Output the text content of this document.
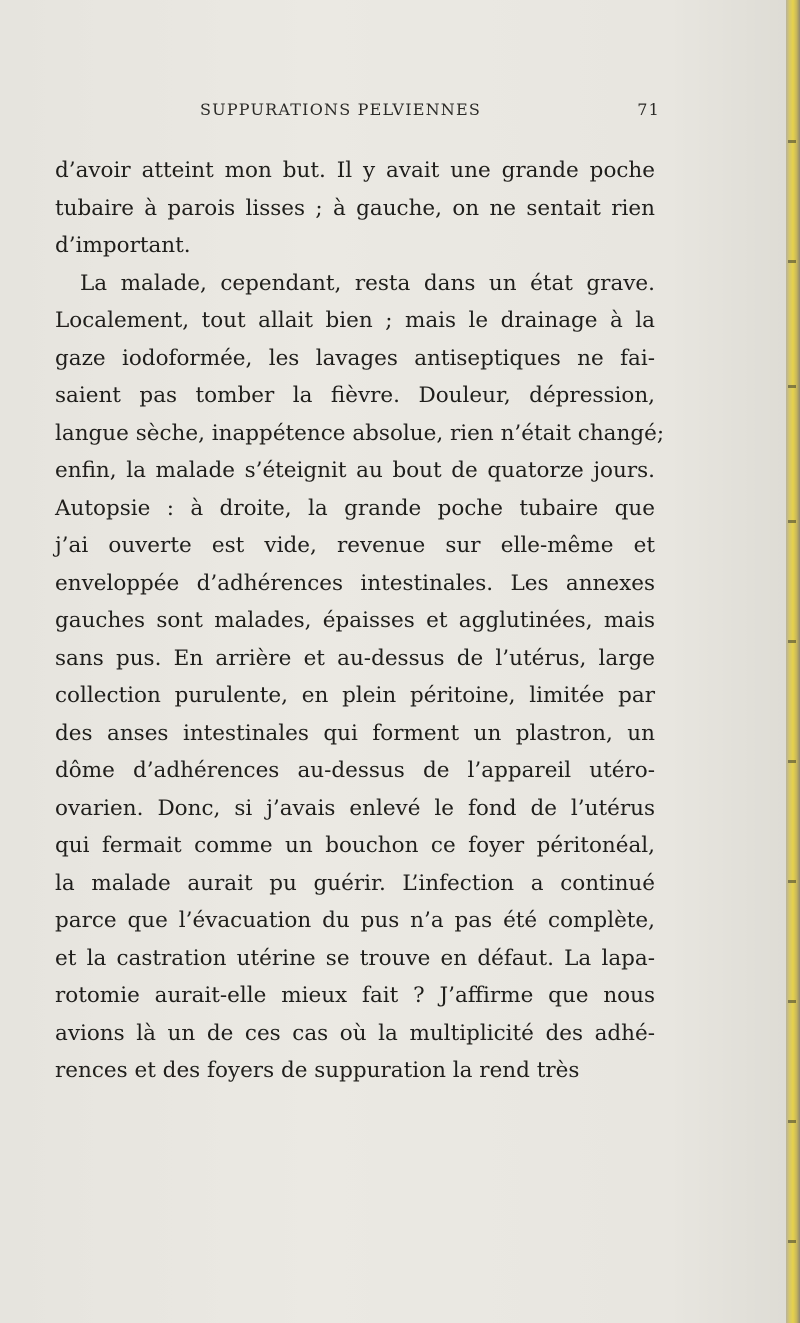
SUPPURATIONS PELVIENNES	71
d’avoir atteint mon but. Il y avait une grande poche
tubaire à parois lisses ; à gauche, on ne sentait rien
d’important.
La malade, cependant, resta dans un état grave.
Localement, tout allait bien ; mais le drainage à la
gaze iodoformée, les lavages antiseptiques ne fai-
saient pas tomber la fièvre. Douleur, dépression,
langue sèche, inappétence absolue, rien n’était changé;
enfin, la malade s’éteignit au bout de quatorze jours.
Autopsie : à droite, la grande poche tubaire que
j’ai ouverte est vide, revenue sur elle-même et
enveloppée d’adhérences intestinales. Les annexes
gauches sont malades, épaisses et agglutinées, mais
sans pus. En arrière et au-dessus de l’utérus, large
collection purulente, en plein péritoine, limitée par
des anses intestinales qui forment un plastron, un
dôme d’adhérences au-dessus de l’appareil utéro-
ovarien. Donc, si j’avais enlevé le fond de l’utérus
qui fermait comme un bouchon ce foyer péritonéal,
la malade aurait pu guérir. L’infection a continué
parce que l’évacuation du pus n’a pas été complète,
et la castration utérine se trouve en défaut. La lapa-
rotomie aurait-elle mieux fait ? J’affirme que nous
avions là un de ces cas où la multiplicité des adhé-
rences et des foyers de suppuration la rend très
